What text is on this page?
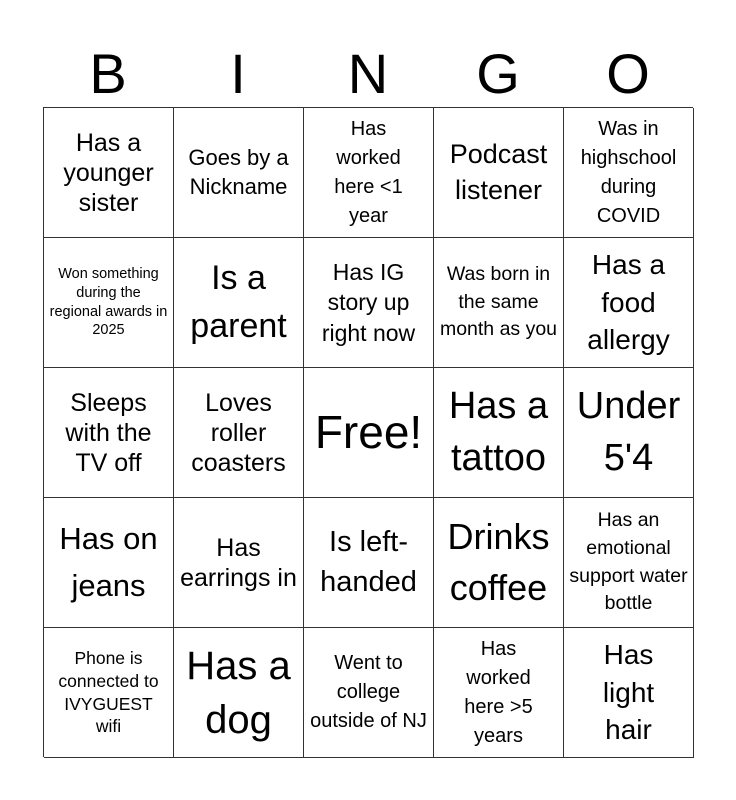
B	I	N	G	O
Has a younger sister
Goes by a Nickname
Has worked here <1 year
Podcast listener
Was in highschool during COVID
Won something during the regional awards in 2025
Is a parent
Has IG story up right now
Was born in the same month as you
Has a food allergy
Sleeps with the TV off
Loves roller coasters
Free! Has a tattoo
Under 5'4
Has on jeans
Has earrings in
Is left-handed
Drinks coffee
Has an emotional support water bottle
Phone is connected to IVYGUEST wifi
Has a dog
Went to college outside of NJ
Has worked here >5 years
Has light hair
